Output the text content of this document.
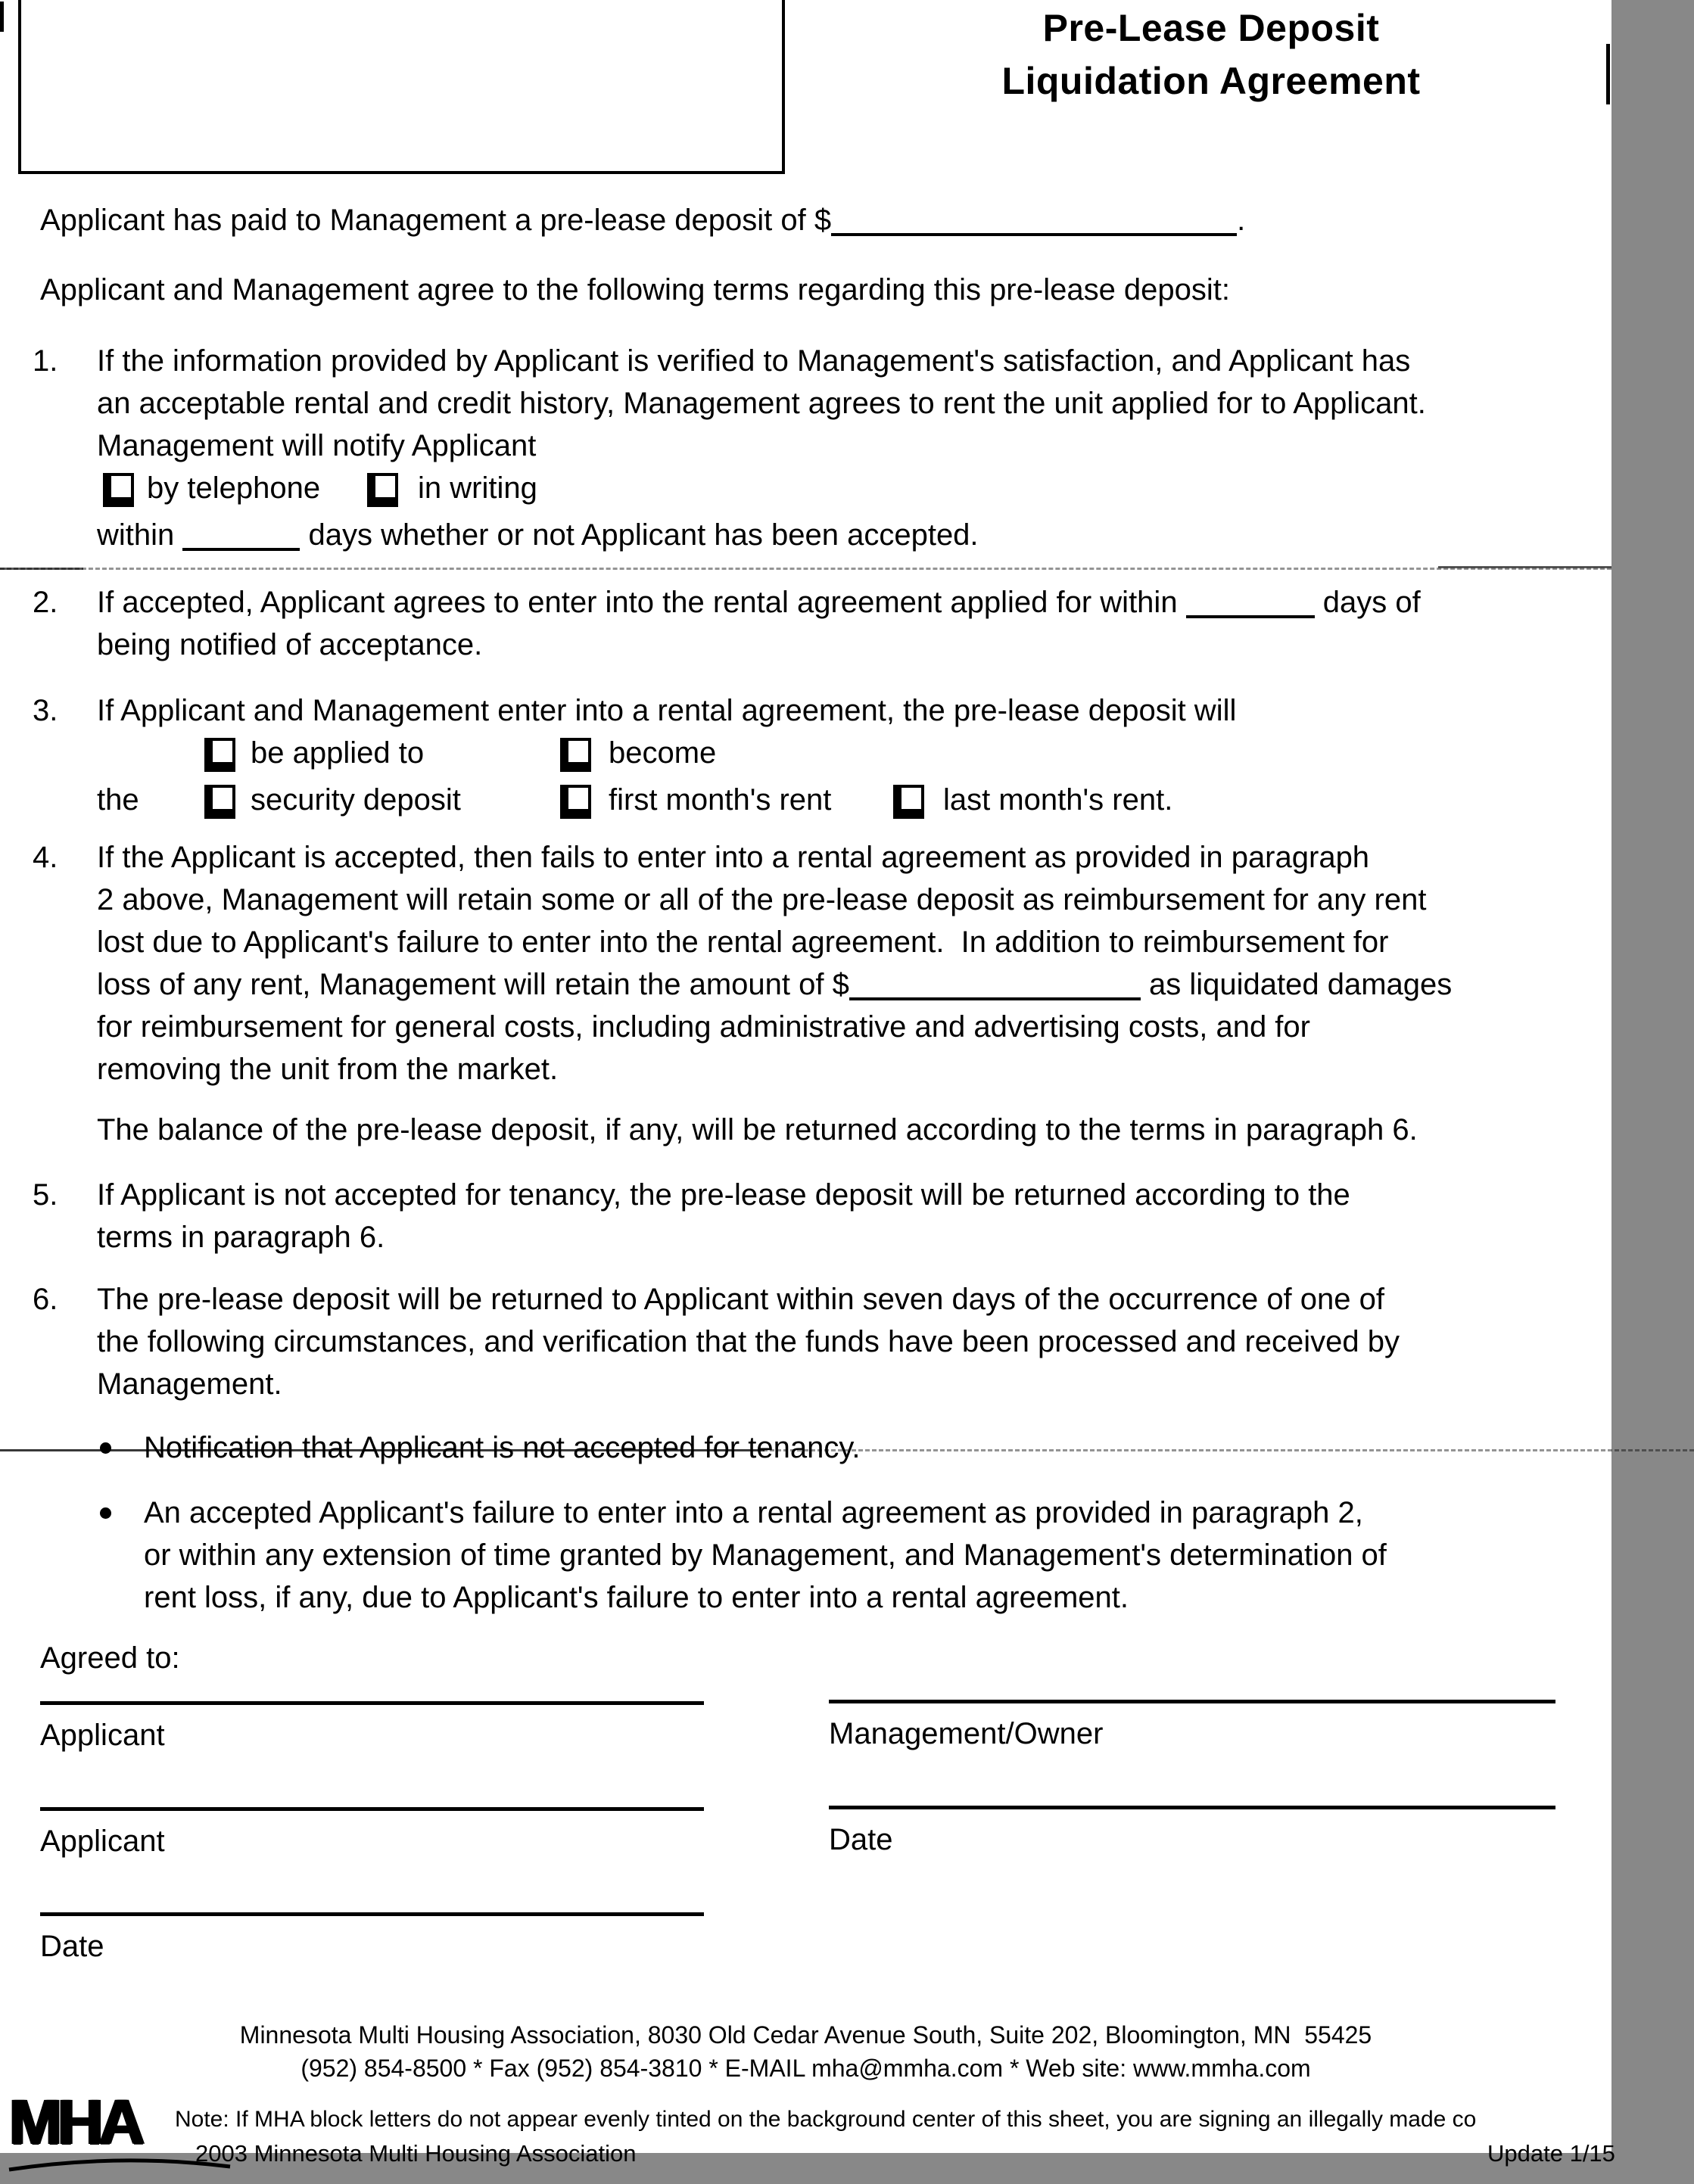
Pre-Lease Deposit
Liquidation Agreement
Applicant has paid to Management a pre-lease deposit of $	.
Applicant and Management agree to the following terms regarding this pre-lease deposit:
1. If the information provided by Applicant is verified to Management's satisfaction, and Applicant has
an acceptable rental and credit history, Management agrees to rent the unit applied for to Applicant.
Management will notify Applicant
by telephone	in writing
within	days whether or not Applicant has been accepted.
2. If accepted, Applicant agrees to enter into the rental agreement applied for within	days of
being notified of acceptance.
3. If Applicant and Management enter into a rental agreement, the pre-lease deposit will
be applied to	become
the	security deposit	first month's rent	last month's rent.
4. If the Applicant is accepted, then fails to enter into a rental agreement as provided in paragraph
2 above, Management will retain some or all of the pre-lease deposit as reimbursement for any rent
lost due to Applicant's failure to enter into the rental agreement.  In addition to reimbursement for
loss of any rent, Management will retain the amount of $	as liquidated damages
for reimbursement for general costs, including administrative and advertising costs, and for
removing the unit from the market.
The balance of the pre-lease deposit, if any, will be returned according to the terms in paragraph 6.
5. If Applicant is not accepted for tenancy, the pre-lease deposit will be returned according to the
terms in paragraph 6.
6. The pre-lease deposit will be returned to Applicant within seven days of the occurrence of one of
the following circumstances, and verification that the funds have been processed and received by
Management.
Notification that Applicant is not accepted for tenancy.
An accepted Applicant's failure to enter into a rental agreement as provided in paragraph 2,
or within any extension of time granted by Management, and Management's determination of
rent loss, if any, due to Applicant's failure to enter into a rental agreement.
Agreed to:
Applicant	Management/Owner
Applicant	Date
Date
Minnesota Multi Housing Association, 8030 Old Cedar Avenue South, Suite 202, Bloomington, MN  55425
(952) 854-8500 * Fax (952) 854-3810 * E-MAIL mha@mmha.com * Web site: www.mmha.com
MHA Note: If MHA block letters do not appear evenly tinted on the background center of this sheet, you are signing an illegally made co
2003 Minnesota Multi Housing Association	Update 1/15
